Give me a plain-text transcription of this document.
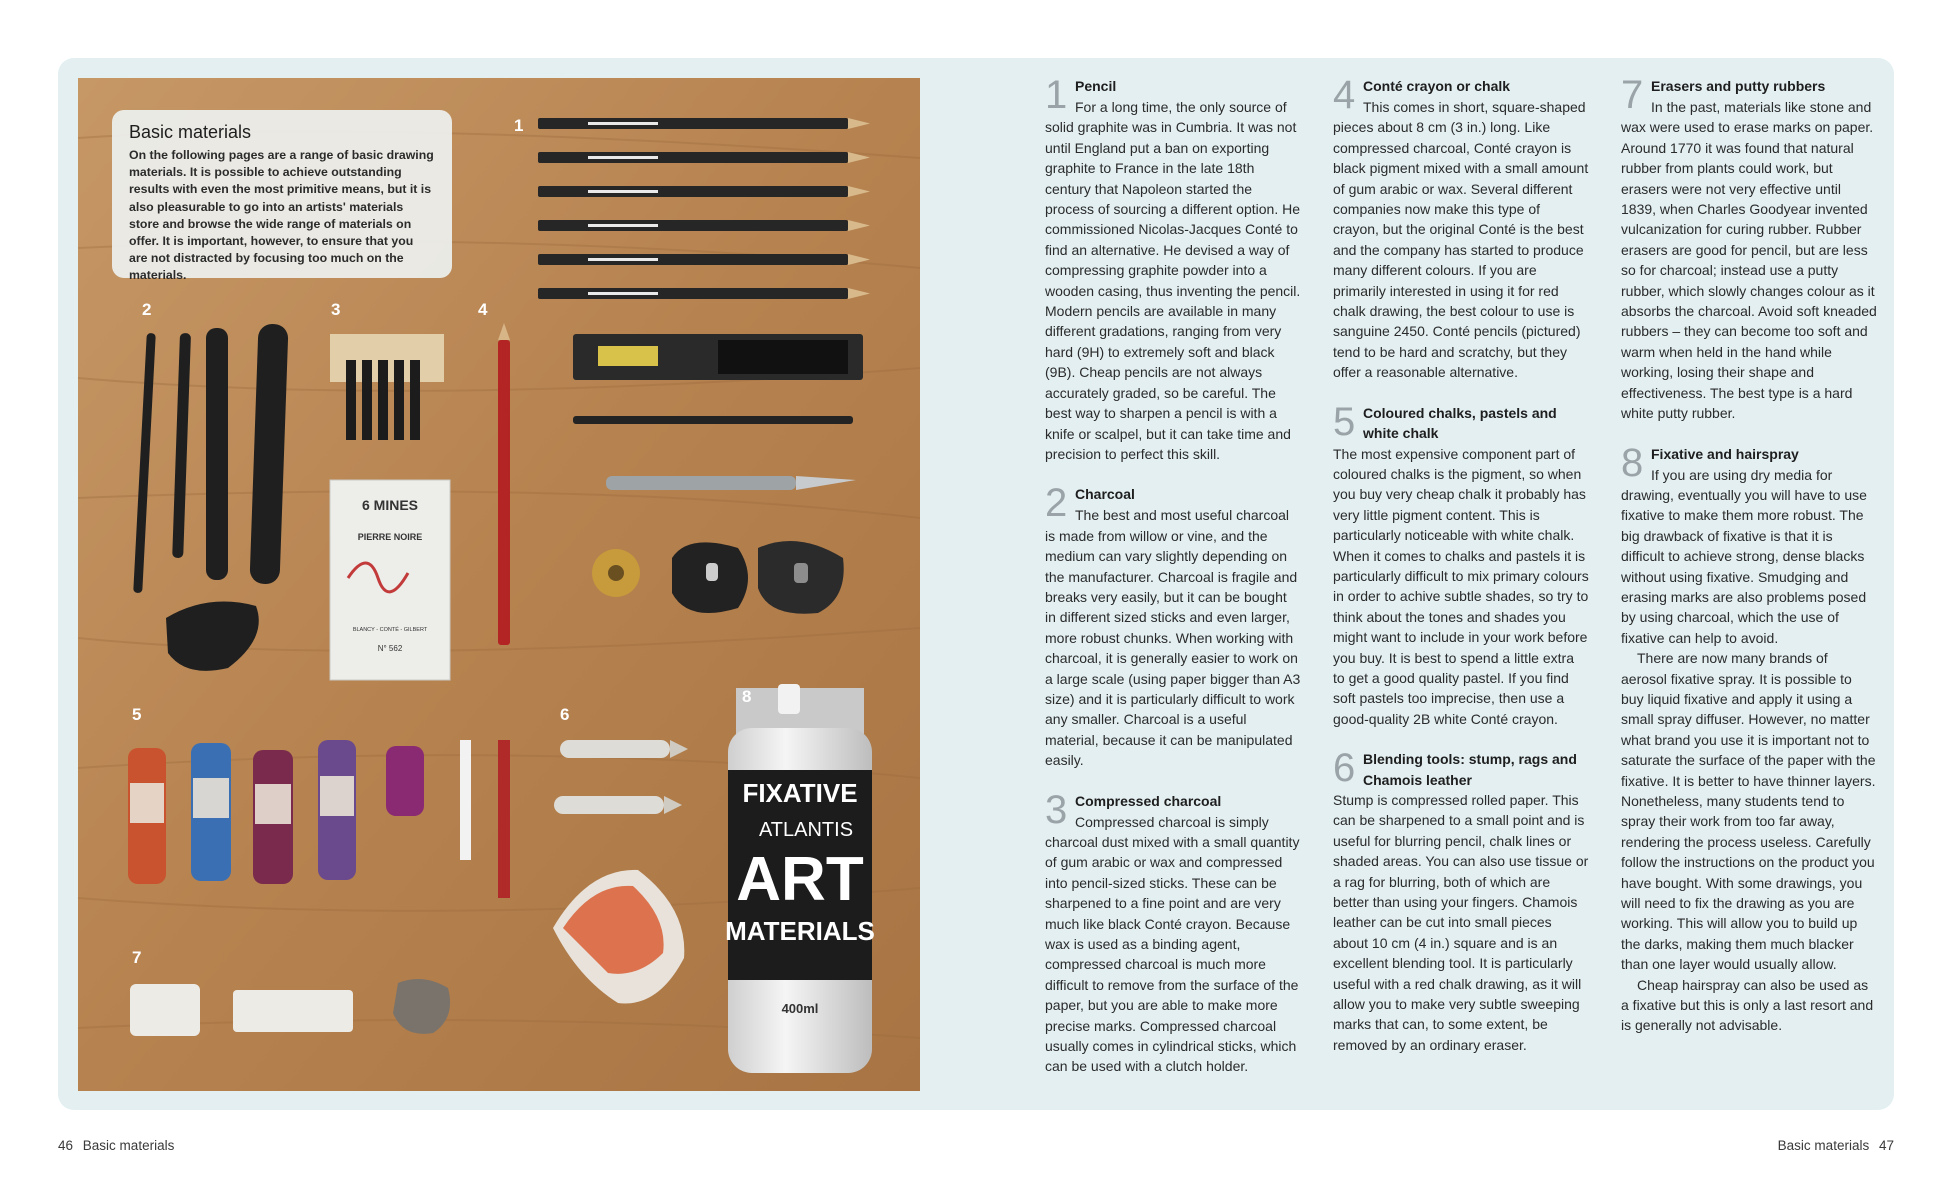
6 MINES
PIERRE NOIRE
BLANCY - CONTÉ - GILBERT
N° 562
FIXATIVE
ATLANTIS
ART
MATERIALS
400ml
Basic materials

On the following pages are a range of basic drawing materials. It is possible to achieve outstanding results with even the most primitive means, but it is also pleasurable to go into an artists' materials store and browse the wide range of materials on offer. It is important, however, to ensure that you are not distracted by focusing too much on the materials.

1
2	3	4
5	6
7
8
1 Pencil

For a long time, the only source of solid graphite was in Cumbria. It was not until England put a ban on exporting graphite to France in the late 18th century that Napoleon started the process of sourcing a different option. He commissioned Nicolas-Jacques Conté to find an alternative. He devised a way of compressing graphite powder into a wooden casing, thus inventing the pencil. Modern pencils are available in many different gradations, ranging from very hard (9H) to extremely soft and black (9B). Cheap pencils are not always accurately graded, so be careful. The best way to sharpen a pencil is with a knife or scalpel, but it can take time and precision to perfect this skill.

2 Charcoal

The best and most useful charcoal is made from willow or vine, and the medium can vary slightly depending on the manufacturer. Charcoal is fragile and breaks very easily, but it can be bought in different sized sticks and even larger, more robust chunks. When working with charcoal, it is generally easier to work on a large scale (using paper bigger than A3 size) and it is particularly difficult to work any smaller. Charcoal is a useful material, because it can be manipulated easily.

3 Compressed charcoal

Compressed charcoal is simply charcoal dust mixed with a small quantity of gum arabic or wax and compressed into pencil-sized sticks. These can be sharpened to a fine point and are very much like black Conté crayon. Because wax is used as a binding agent, compressed charcoal is much more difficult to remove from the surface of the paper, but you are able to make more precise marks. Compressed charcoal usually comes in cylindrical sticks, which can be used with a clutch holder.

4 Conté crayon or chalk

This comes in short, square-shaped pieces about 8 cm (3 in.) long. Like compressed charcoal, Conté crayon is black pigment mixed with a small amount of gum arabic or wax. Several different companies now make this type of crayon, but the original Conté is the best and the company has started to produce many different colours. If you are primarily interested in using it for red chalk drawing, the best colour to use is sanguine 2450. Conté pencils (pictured) tend to be hard and scratchy, but they offer a reasonable alternative.

5 Coloured chalks, pastels and white chalk

The most expensive component part of coloured chalks is the pigment, so when you buy very cheap chalk it probably has very little pigment content. This is particularly noticeable with white chalk. When it comes to chalks and pastels it is particularly difficult to mix primary colours in order to achive subtle shades, so try to think about the tones and shades you might want to include in your work before you buy. It is best to spend a little extra to get a good quality pastel. If you find soft pastels too imprecise, then use a good-quality 2B white Conté crayon.

6 Blending tools: stump, rags and Chamois leather

Stump is compressed rolled paper. This can be sharpened to a small point and is useful for blurring pencil, chalk lines or shaded areas. You can also use tissue or a rag for blurring, both of which are better than using your fingers. Chamois leather can be cut into small pieces about 10 cm (4 in.) square and is an excellent blending tool. It is particularly useful with a red chalk drawing, as it will allow you to make very subtle sweeping marks that can, to some extent, be removed by an ordinary eraser.

7 Erasers and putty rubbers

In the past, materials like stone and wax were used to erase marks on paper. Around 1770 it was found that natural rubber from plants could work, but erasers were not very effective until 1839, when Charles Goodyear invented vulcanization for curing rubber. Rubber erasers are good for pencil, but are less so for charcoal; instead use a putty rubber, which slowly changes colour as it absorbs the charcoal. Avoid soft kneaded rubbers – they can become too soft and warm when held in the hand while working, losing their shape and effectiveness. The best type is a hard white putty rubber.

8 Fixative and hairspray

If you are using dry media for drawing, eventually you will have to use fixative to make them more robust. The big drawback of fixative is that it is difficult to achieve strong, dense blacks without using fixative. Smudging and erasing marks are also problems posed by using charcoal, which the use of fixative can help to avoid.

There are now many brands of aerosol fixative spray. It is possible to buy liquid fixative and apply it using a small spray diffuser. However, no matter what brand you use it is important not to saturate the surface of the paper with the fixative. It is better to have thinner layers. Nonetheless, many students tend to spray their work from too far away, rendering the process useless. Carefully follow the instructions on the product you have bought. With some drawings, you will need to fix the drawing as you are working. This will allow you to build up the darks, making them much blacker than one layer would usually allow.

Cheap hairspray can also be used as a fixative but this is only a last resort and is generally not advisable.

46 Basic materials	Basic materials 47
